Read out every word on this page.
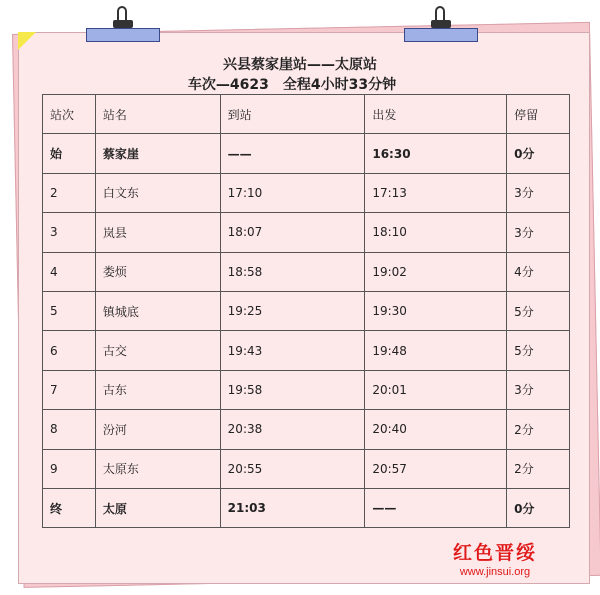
兴县蔡家崖站——太原站
车次—4623　全程4小时33分钟
站次	站名	到站	出发	停留
始	蔡家崖	——	16:30	0分
2	白文东	17:10	17:13	3分
3	岚县	18:07	18:10	3分
4	娄烦	18:58	19:02	4分
5	镇城底	19:25	19:30	5分
6	古交	19:43	19:48	5分
7	古东	19:58	20:01	3分
8	汾河	20:38	20:40	2分
9	太原东	20:55	20:57	2分
终	太原	21:03	——	0分
红色晋绥
www.jinsui.org
